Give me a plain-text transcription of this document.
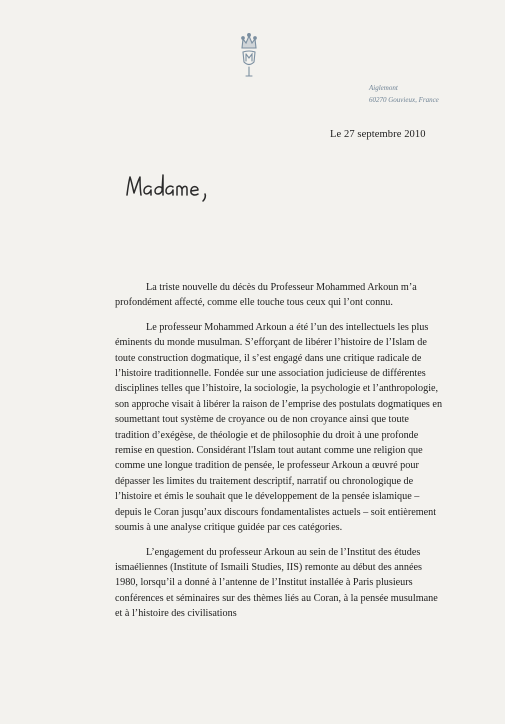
Aiglemont
60270 Gouvieux, France
Le 27 septembre 2010

La triste nouvelle du décès du Professeur Mohammed Arkoun m’a profondément affecté, comme elle touche tous ceux qui l’ont connu.

Le professeur Mohammed Arkoun a été l’un des intellectuels les plus éminents du monde musulman. S’efforçant de libérer l’histoire de l’Islam de toute construction dogmatique, il s’est engagé dans une critique radicale de l’histoire traditionnelle. Fondée sur une association judicieuse de différentes disciplines telles que l’histoire, la sociologie, la psychologie et l’anthropologie, son approche visait à libérer la raison de l’emprise des postulats dogmatiques en soumettant tout système de croyance ou de non croyance ainsi que toute tradition d’exégèse, de théologie et de philosophie du droit à une profonde remise en question. Considérant l'Islam tout autant comme une religion que comme une longue tradition de pensée, le professeur Arkoun a œuvré pour dépasser les limites du traitement descriptif, narratif ou chronologique de l’histoire et émis le souhait que le développement de la pensée islamique – depuis le Coran jusqu’aux discours fondamentalistes actuels – soit entièrement soumis à une analyse critique guidée par ces catégories.

L’engagement du professeur Arkoun au sein de l’Institut des études ismaéliennes (Institute of Ismaili Studies, IIS) remonte au début des années 1980, lorsqu’il a donné à l’antenne de l’Institut installée à Paris plusieurs conférences et séminaires sur des thèmes liés au Coran, à la pensée musulmane et à l’histoire des civilisations
